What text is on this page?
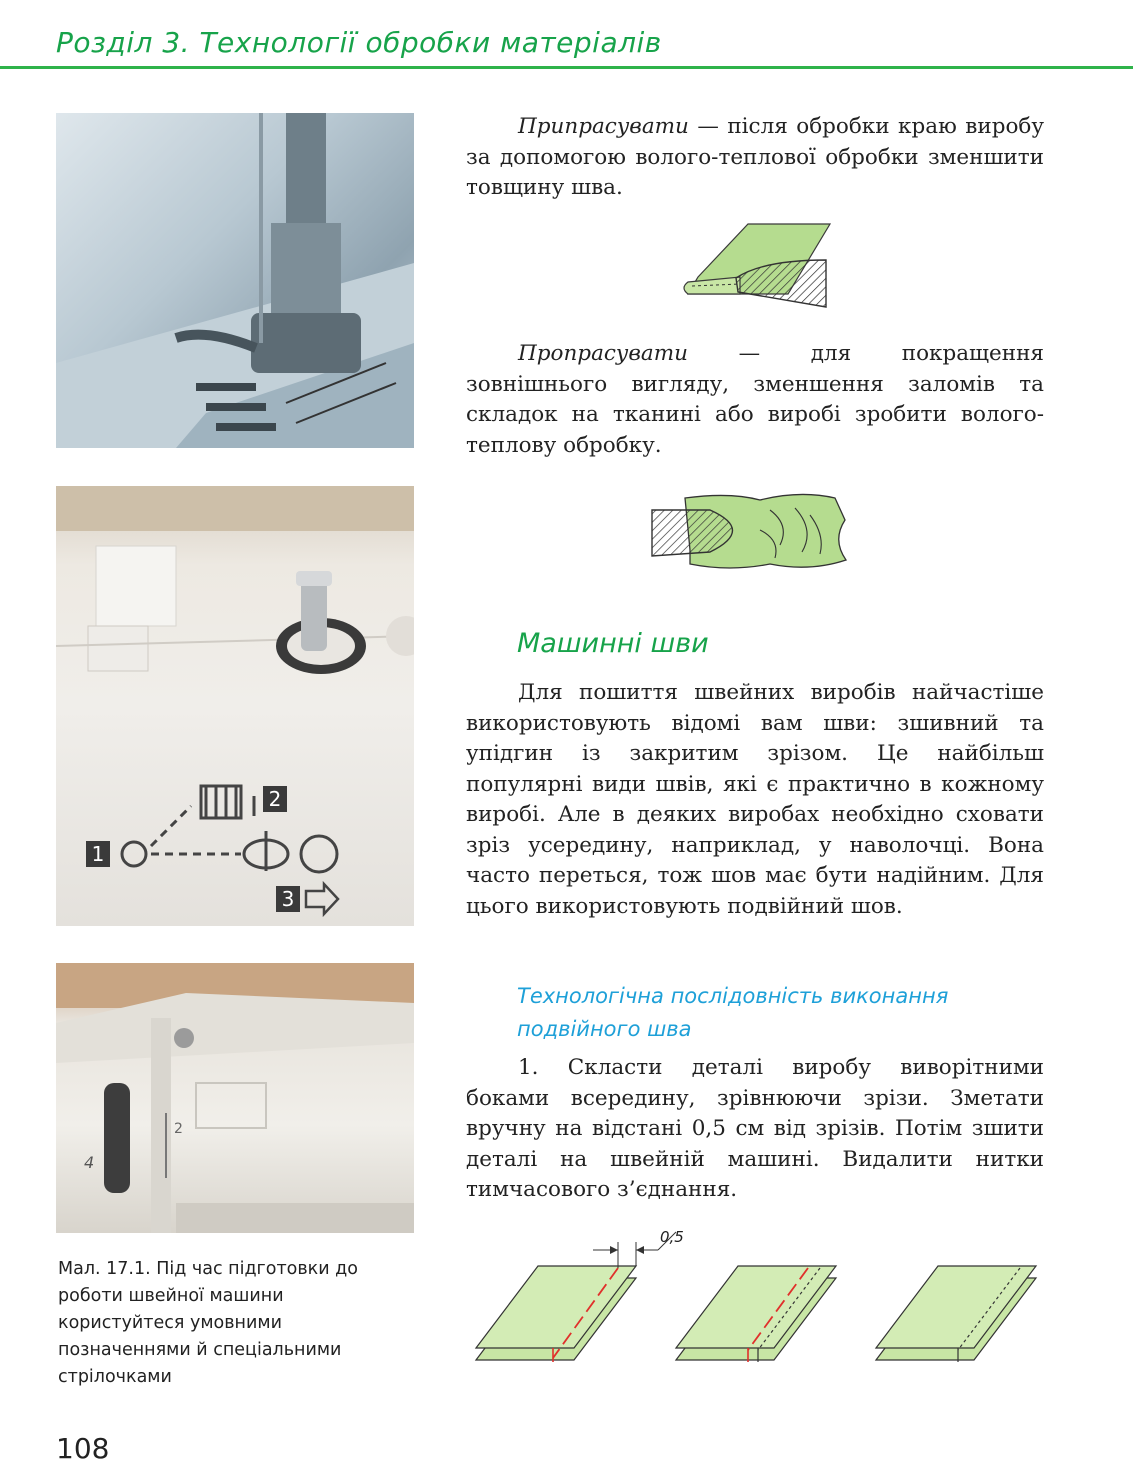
Розділ 3. Технології обробки матеріалів
1
2
3
2
4
Мал. 17.1. Під час підготовки до роботи швейної машини користуйтеся умовними позначеннями й спеціальними стрілочками
108

Припрасувати — після обробки краю виробу за допомогою волого-теплової обробки зменшити товщину шва.

Пропрасувати — для покращення зовнішнього вигляду, зменшення заломів та складок на тканині або виробі зробити волого-теплову обробку.

Машинні шви

Для пошиття швейних виробів найчастіше використовують відомі вам шви: зшивний та упідгин із закритим зрізом. Це найбільш популярні види швів, які є практично в кожному виробі. Але в деяких виробах необхідно сховати зріз усередину, наприклад, у наволочці. Вона часто переться, тож шов має бути надійним. Для цього використовують подвійний шов.

Технологічна послідовність виконання подвійного шва

1. Скласти деталі виробу виворітними боками всередину, зрівнюючи зрізи. Зметати вручну на відстані 0,5 см від зрізів. Потім зшити деталі на швейній машині. Видалити нитки тимчасового з’єднання.

0,5
